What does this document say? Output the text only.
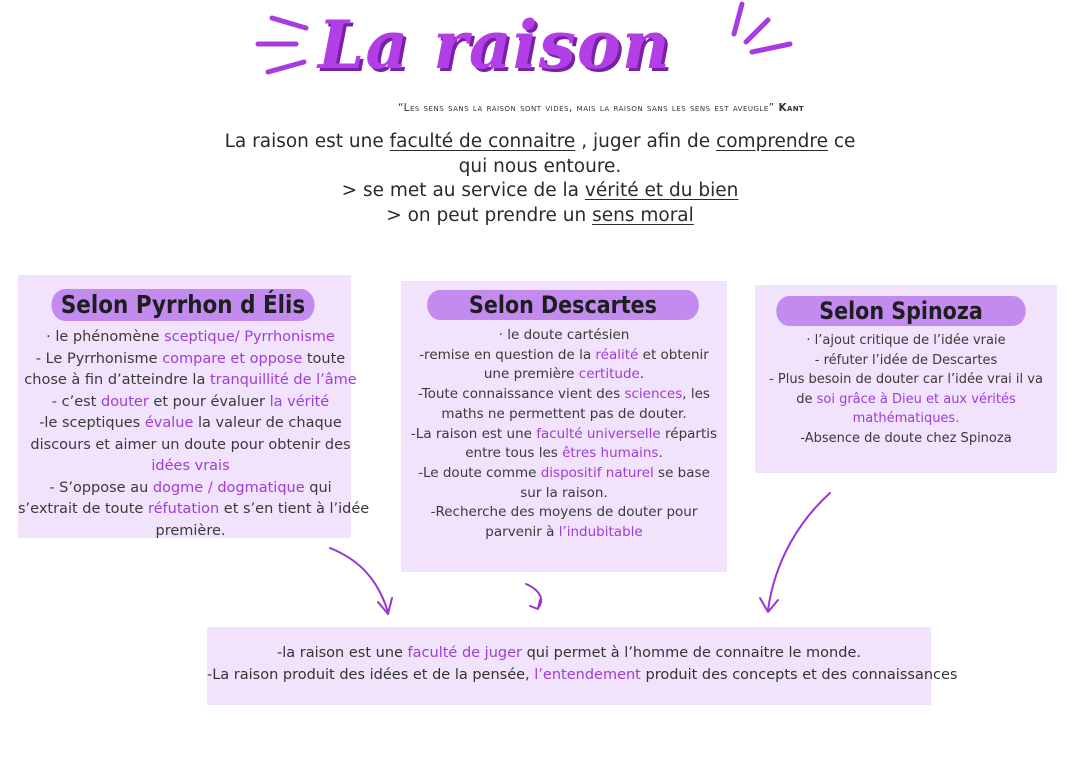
La raison
“Les sens sans la raison sont vides, mais la raison sans les sens est aveugle” Kant
La raison est une faculté de connaitre , juger afin de comprendre ce
qui nous entoure.
> se met au service de la vérité et du bien
> on peut prendre un sens moral
Selon Pyrrhon d Élis
· le phénomène sceptique/ Pyrrhonisme
- Le Pyrrhonisme compare et oppose toute
chose à fin d’atteindre la tranquillité de l’âme
- c’est douter et pour évaluer la vérité
-le sceptiques évalue la valeur de chaque
discours et aimer un doute pour obtenir des
idées vrais
- S’oppose au dogme / dogmatique qui
s’extrait de toute réfutation et s’en tient à l’idée
première.
Selon Descartes
· le doute cartésien
-remise en question de la réalité et obtenir
une première certitude.
-Toute connaissance vient des sciences, les
maths ne permettent pas de douter.
-La raison est une faculté universelle répartis
entre tous les êtres humains.
-Le doute comme dispositif naturel se base
sur la raison.
-Recherche des moyens de douter pour
parvenir à l’indubitable
Selon Spinoza
· l’ajout critique de l’idée vraie
- réfuter l’idée de Descartes
- Plus besoin de douter car l’idée vrai il va
de soi grâce à Dieu et aux vérités
mathématiques.
-Absence de doute chez Spinoza
-la raison est une faculté de juger qui permet à l’homme de connaitre le monde.
-La raison produit des idées et de la pensée, l’entendement produit des concepts et des connaissances
